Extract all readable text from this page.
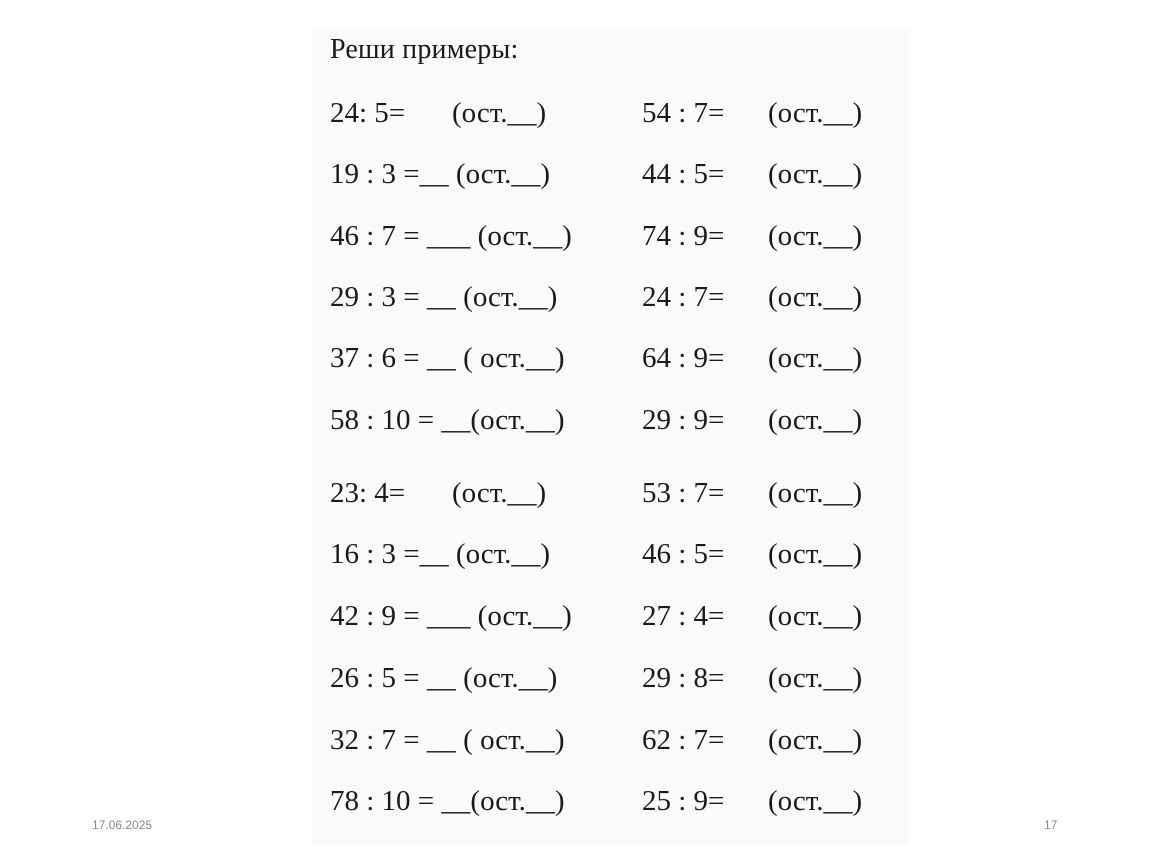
Реши примеры:
24: 5= (ост.__)	54 : 7= (ост.__)
19 : 3 =__ (ост.__)	44 : 5= (ост.__)
46 : 7 = ___ (ост.__) 74 : 9= (ост.__)
29 : 3 = __ (ост.__)	24 : 7= (ост.__)
37 : 6 = __ ( ост.__)	64 : 9= (ост.__)
58 : 10 = __(ост.__)	29 : 9= (ост.__)
23: 4= (ост.__)	53 : 7= (ост.__)
16 : 3 =__ (ост.__)	46 : 5= (ост.__)
42 : 9 = ___ (ост.__) 27 : 4= (ост.__)
26 : 5 = __ (ост.__)	29 : 8= (ост.__)
32 : 7 = __ ( ост.__)	62 : 7= (ост.__)
78 : 10 = __(ост.__)	25 : 9= (ост.__)
17.06.2025	17
